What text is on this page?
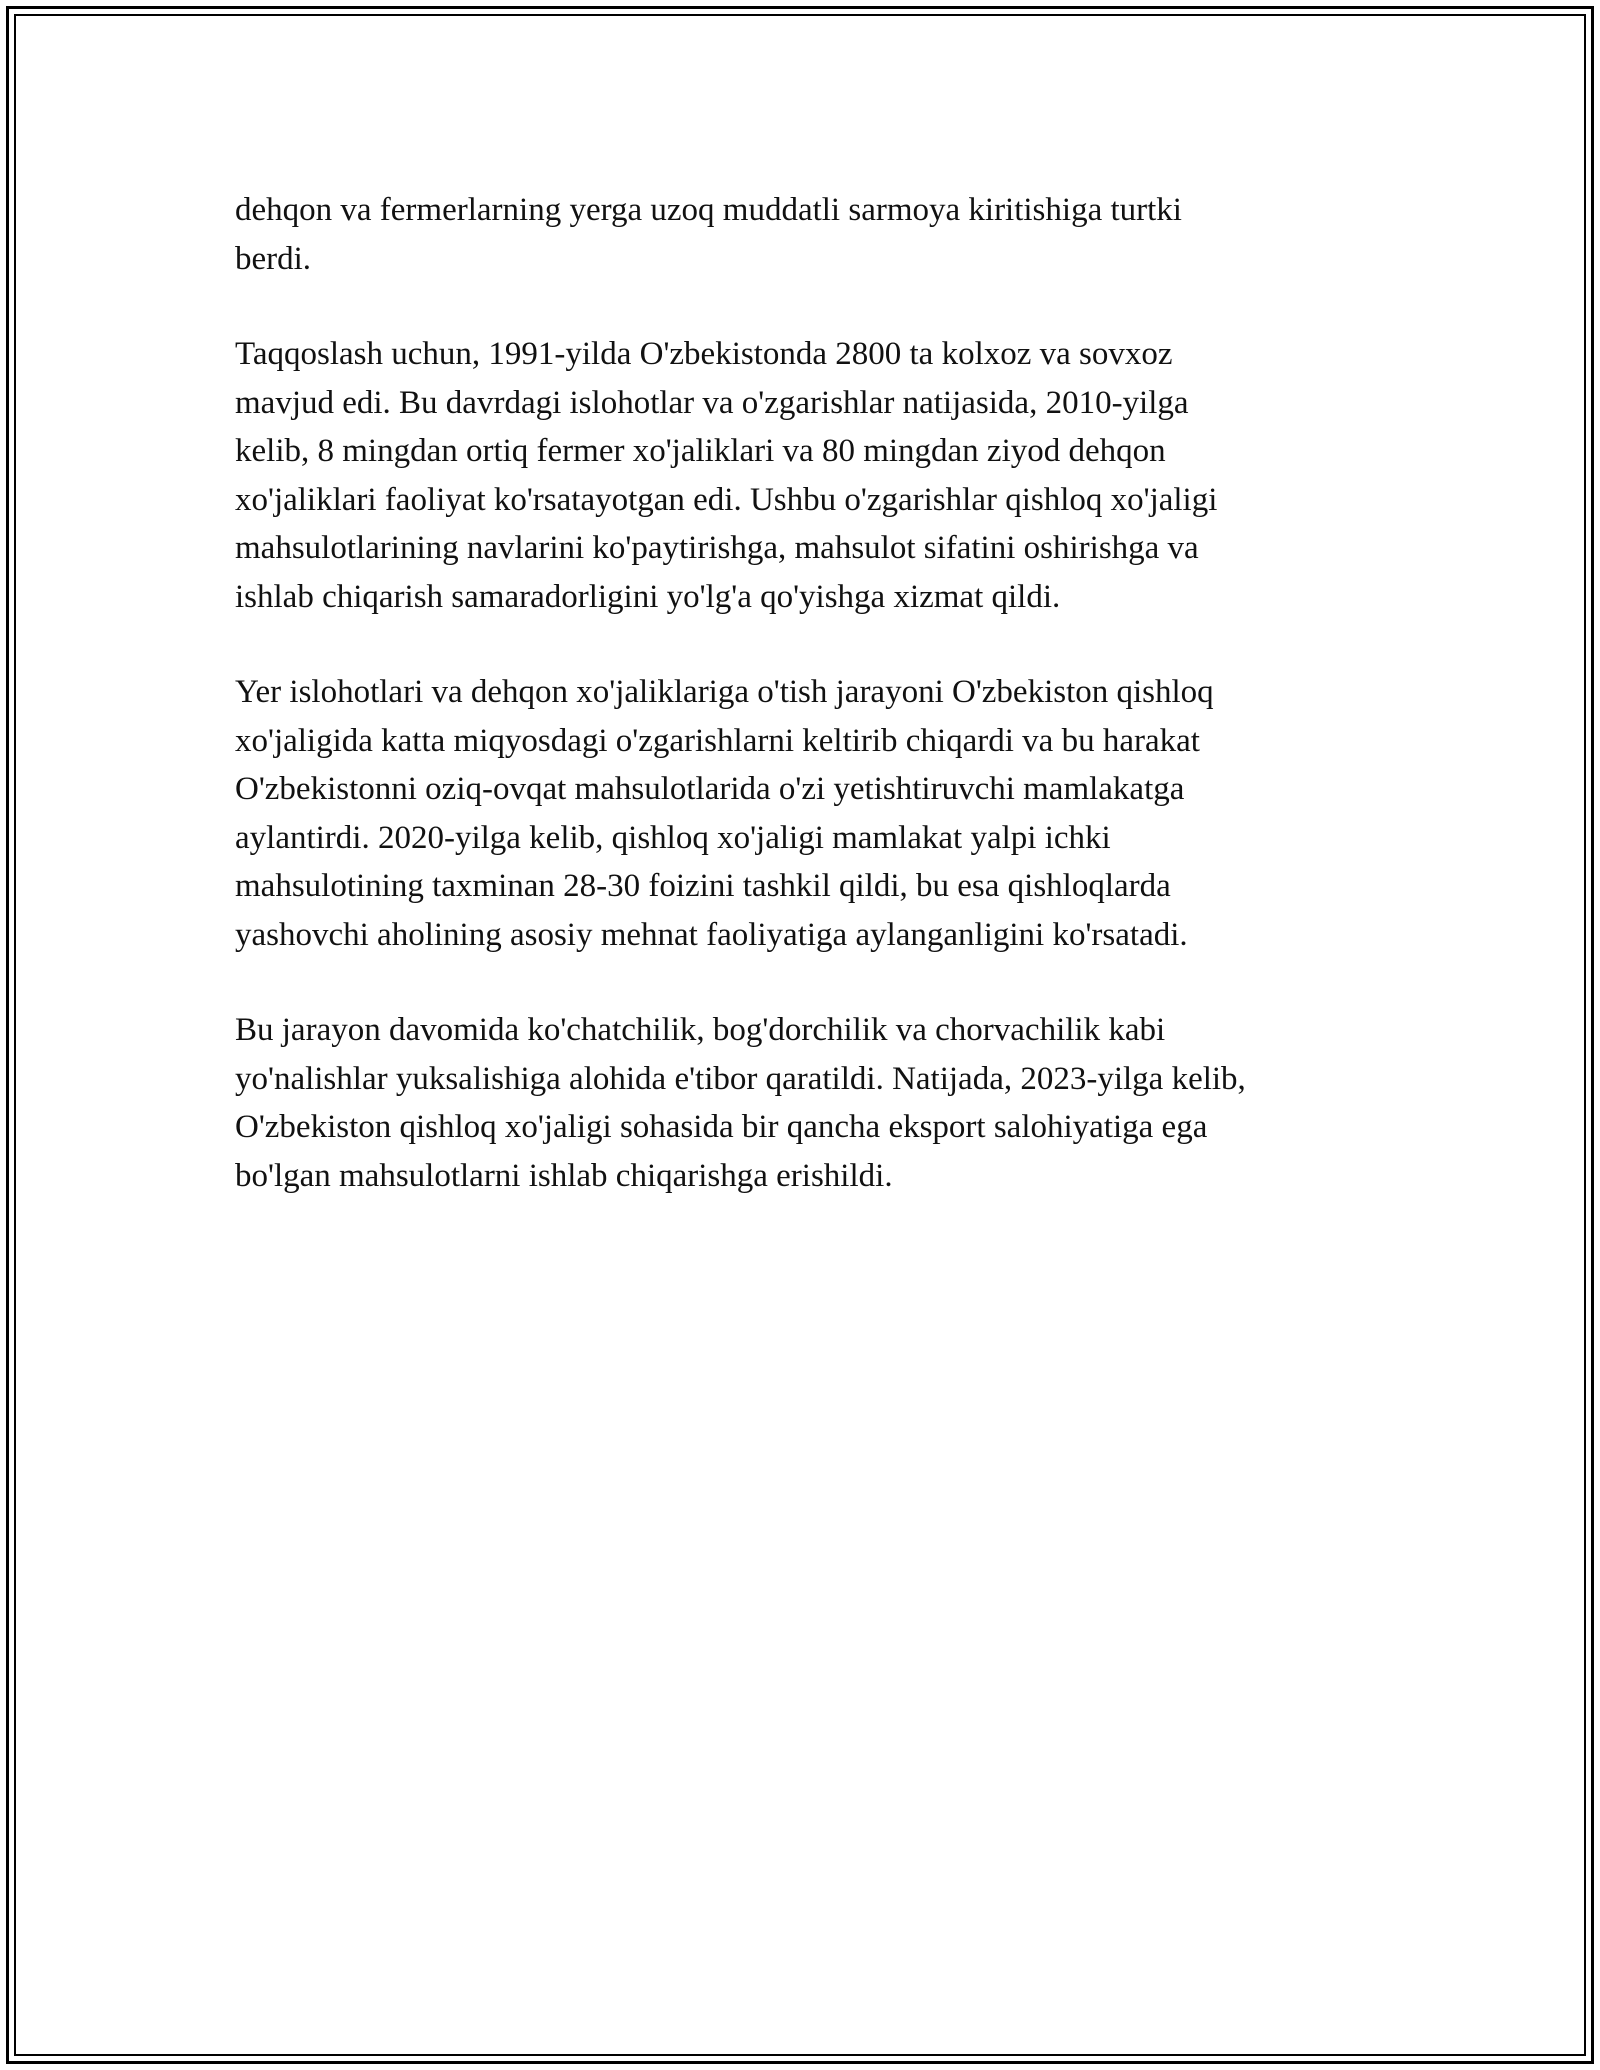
dehqon va fermerlarning yerga uzoq muddatli sarmoya kiritishiga turtki
berdi.

Taqqoslash uchun, 1991-yilda O'zbekistonda 2800 ta kolxoz va sovxoz
mavjud edi. Bu davrdagi islohotlar va o'zgarishlar natijasida, 2010-yilga
kelib, 8 mingdan ortiq fermer xo'jaliklari va 80 mingdan ziyod dehqon
xo'jaliklari faoliyat ko'rsatayotgan edi. Ushbu o'zgarishlar qishloq xo'jaligi
mahsulotlarining navlarini ko'paytirishga, mahsulot sifatini oshirishga va
ishlab chiqarish samaradorligini yo'lg'a qo'yishga xizmat qildi.

Yer islohotlari va dehqon xo'jaliklariga o'tish jarayoni O'zbekiston qishloq
xo'jaligida katta miqyosdagi o'zgarishlarni keltirib chiqardi va bu harakat
O'zbekistonni oziq-ovqat mahsulotlarida o'zi yetishtiruvchi mamlakatga
aylantirdi. 2020-yilga kelib, qishloq xo'jaligi mamlakat yalpi ichki
mahsulotining taxminan 28-30 foizini tashkil qildi, bu esa qishloqlarda
yashovchi aholining asosiy mehnat faoliyatiga aylanganligini ko'rsatadi.

Bu jarayon davomida ko'chatchilik, bog'dorchilik va chorvachilik kabi
yo'nalishlar yuksalishiga alohida e'tibor qaratildi. Natijada, 2023-yilga kelib,
O'zbekiston qishloq xo'jaligi sohasida bir qancha eksport salohiyatiga ega
bo'lgan mahsulotlarni ishlab chiqarishga erishildi.
